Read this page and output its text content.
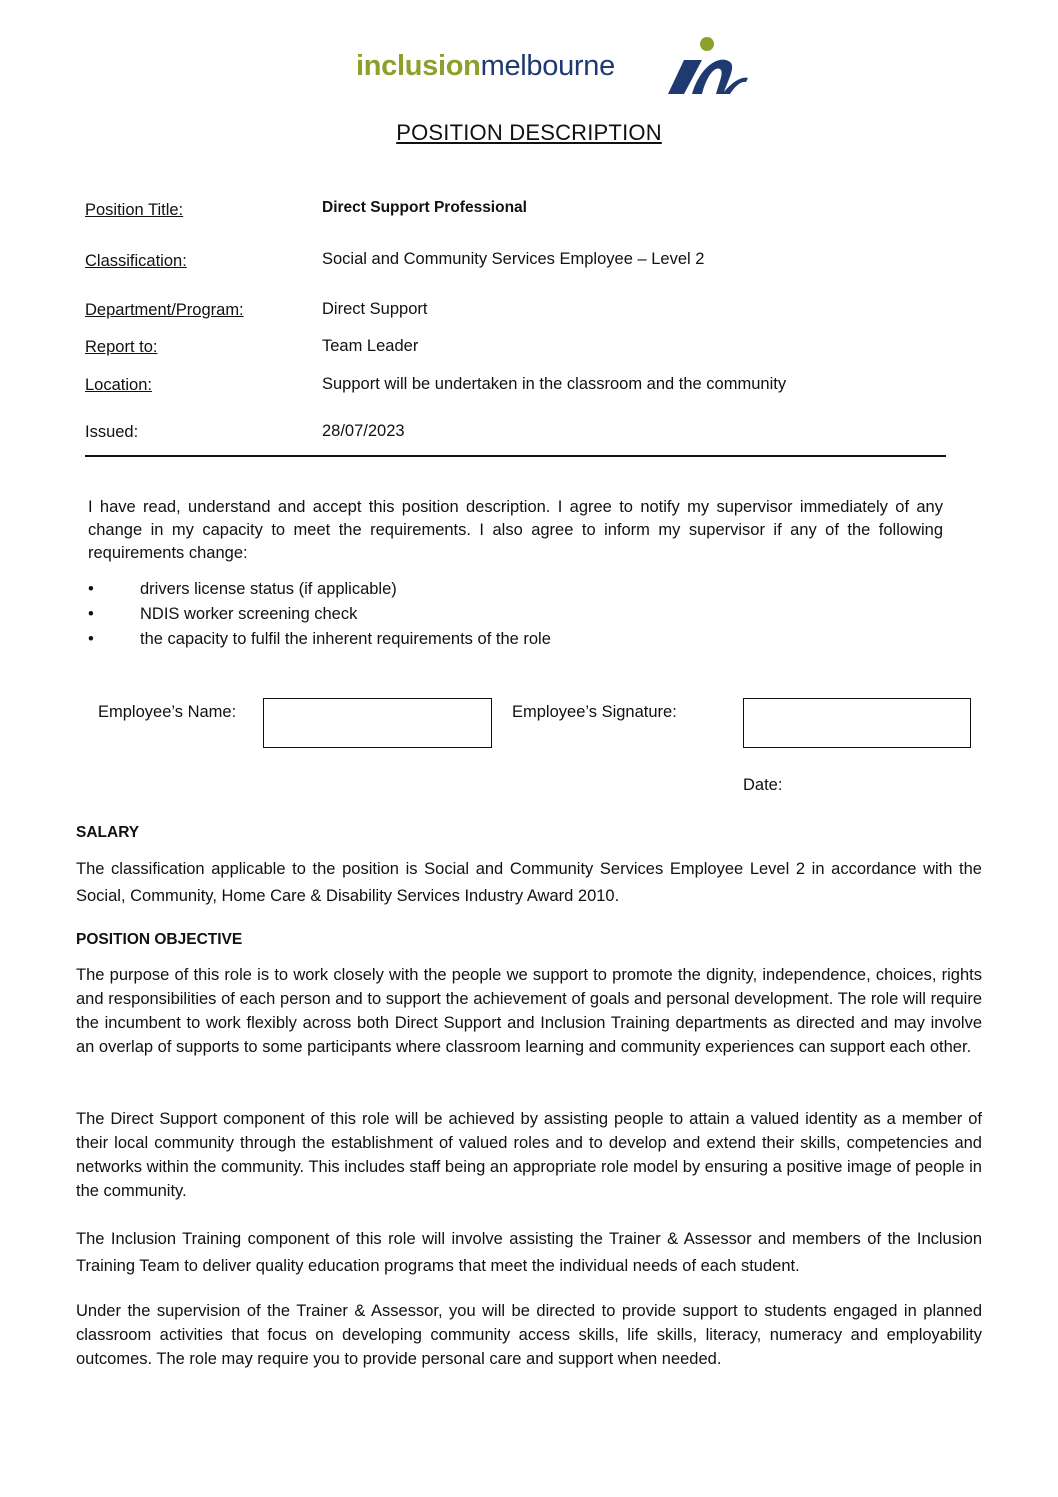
inclusionmelbourne
POSITION DESCRIPTION
Position Title:	Direct Support Professional
Classification:	Social and Community Services Employee – Level 2
Department/Program:	Direct Support
Report to:	Team Leader
Location:	Support will be undertaken in the classroom and the community
Issued:	28/07/2023
I have read, understand and accept this position description. I agree to notify my supervisor immediately of any change in my capacity to meet the requirements. I also agree to inform my supervisor if any of the following requirements change:
•	drivers license status (if applicable)
•	NDIS worker screening check
•	the capacity to fulfil the inherent requirements of the role
Employee’s Name:	Employee’s Signature:
Date:
SALARY
The classification applicable to the position is Social and Community Services Employee Level 2 in accordance with the Social, Community, Home Care & Disability Services Industry Award 2010.
POSITION OBJECTIVE
The purpose of this role is to work closely with the people we support to promote the dignity, independence, choices, rights and responsibilities of each person and to support the achievement of goals and personal development. The role will require the incumbent to work flexibly across both Direct Support and Inclusion Training departments as directed and may involve an overlap of supports to some participants where classroom learning and community experiences can support each other.
The Direct Support component of this role will be achieved by assisting people to attain a valued identity as a member of their local community through the establishment of valued roles and to develop and extend their skills, competencies and networks within the community. This includes staff being an appropriate role model by ensuring a positive image of people in the community.
The Inclusion Training component of this role will involve assisting the Trainer & Assessor and members of the Inclusion Training Team to deliver quality education programs that meet the individual needs of each student.
Under the supervision of the Trainer & Assessor, you will be directed to provide support to students engaged in planned classroom activities that focus on developing community access skills, life skills, literacy, numeracy and employability outcomes. The role may require you to provide personal care and support when needed.
